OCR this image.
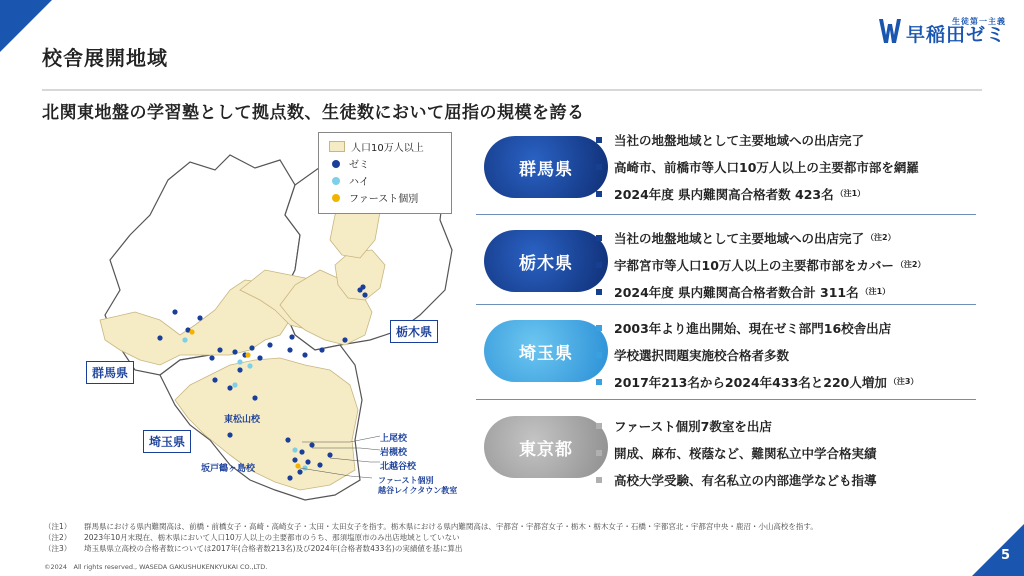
5
校舎展開地域
生徒第一主義
早稲田ゼミ
北関東地盤の学習塾として拠点数、生徒数において屈指の規模を誇る
人口10万人以上
ゼミ
ハイ
ファースト個別
群馬県
栃木県
埼玉県
東松山校
坂戸鶴ヶ島校
上尾校
岩槻校
北越谷校
ファースト個別
越谷レイクタウン教室
群馬県
当社の地盤地域として主要地域への出店完了
高崎市、前橋市等人口10万人以上の主要都市部を網羅
2024年度 県内難関高合格者数 423名 （注1）
栃木県
当社の地盤地域として主要地域への出店完了 （注2）
宇都宮市等人口10万人以上の主要都市部をカバー （注2）
2024年度 県内難関高合格者数合計 311名 （注1）
埼玉県
2003年より進出開始、現在ゼミ部門16校舎出店
学校選択問題実施校合格者多数
2017年213名から2024年433名と220人増加 （注3）
東京都
ファースト個別7教室を出店
開成、麻布、桜蔭など、難関私立中学合格実績
高校大学受験、有名私立の内部進学なども指導
（注1）	群馬県における県内難関高は、前橋・前橋女子・高崎・高崎女子・太田・太田女子を指す。栃木県における県内難関高は、宇都宮・宇都宮女子・栃木・栃木女子・石橋・宇都宮北・宇都宮中央・鹿沼・小山高校を指す。
（注2）	2023年10月末現在、栃木県において人口10万人以上の主要都市のうち、那須塩原市のみ出店地域としていない
（注3）	埼玉県県立高校の合格者数については2017年(合格者数213名)及び2024年(合格者数433名)の実績値を基に算出
©2024　All rights reserved., WASEDA GAKUSHUKENKYUKAI CO.,LTD.
